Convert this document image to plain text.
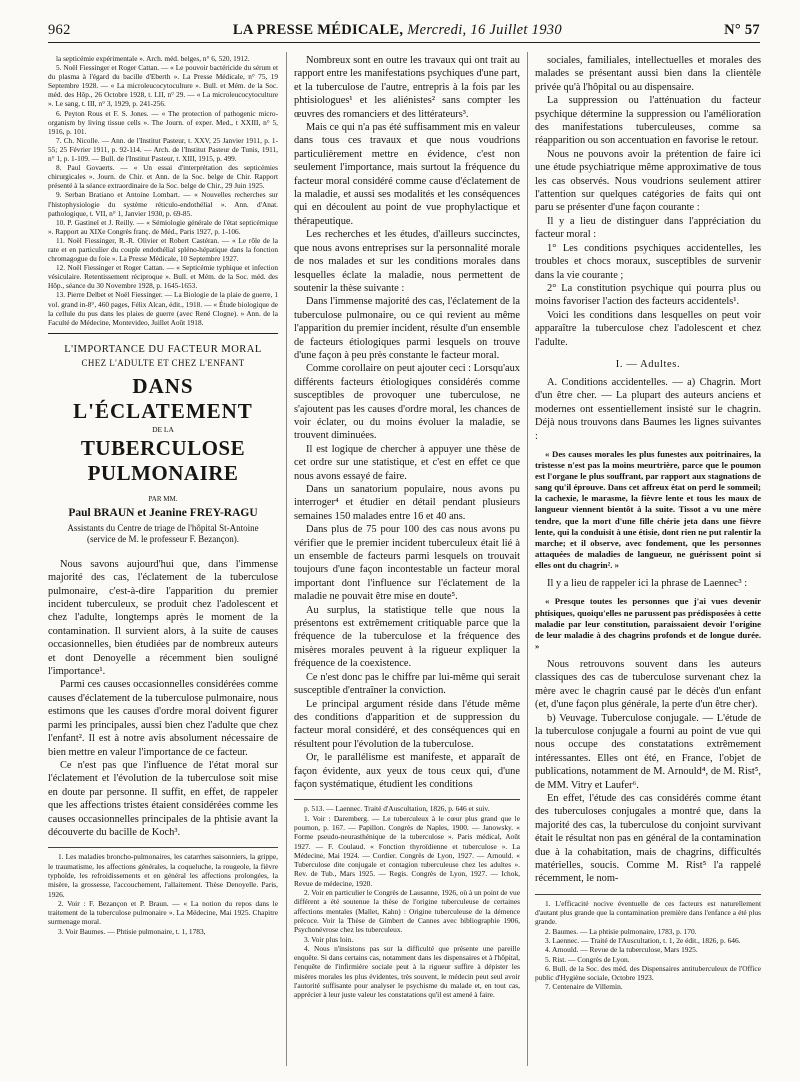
962	LA PRESSE MÉDICALE, Mercredi, 16 Juillet 1930	N° 57

la septicémie expérimentale ». Arch. méd. belges, n° 6, 520, 1912.

5. Noël Fiessinger et Roger Cattan. — « Le pouvoir bactéricide du sérum et du plasma à l'égard du bacille d'Eberth ». La Presse Médicale, n° 75, 19 Septembre 1928. — « La microleucocytoculture ». Bull. et Mém. de la Soc. méd. des Hôp., 26 Octobre 1928, t. LII, n° 29. — « La microleucocytoculture ». Le sang, t. III, n° 3, 1929, p. 241-256.

6. Peyton Rous et F. S. Jones. — « The protection of pathogenic micro-organism by living tissue cells ». The Journ. of exper. Med., t XXIII, n° 5, 1916, p. 101.

7. Ch. Nicolle. — Ann. de l'Institut Pasteur, t. XXV, 25 Janvier 1911, p. 1-55; 25 Février 1911, p. 92-114. — Arch. de l'Institut Pasteur de Tunis, 1911, n° 1, p. 1-109. — Bull. de l'Institut Pasteur, t. XIII, 1915, p. 499.

8. Paul Govaerts. — « Un essai d'interprétation des septicémies chirurgicales ». Journ. de Chir. et Ann. de la Soc. belge de Chir. Rapport présenté à la séance extraordinaire de la Soc. belge de Chir., 29 Juin 1925.

9. Serban Bratiano et Antoine Lombart. — « Nouvelles recherches sur l'histophysiologie du système réticulo-endothélial ». Ann. d'Anat. pathologique, t. VII, n° 1, Janvier 1930, p. 69-85.

10. P. Gastinel et J. Reilly. — « Sémiologie générale de l'état septicémique ». Rapport au XIXe Congrès franç. de Méd., Paris 1927, p. 1-106.

11. Noël Fiessinger, R.-R. Olivier et Robert Castéran. — « Le rôle de la rate et en particulier du couple endothélial spléno-hépatique dans la fonction chromagogue du foie ». La Presse Médicale, 10 Septembre 1927.

12. Noël Fiessinger et Roger Cattan. — « Septicémie typhique et infection vésiculaire. Retentissement réciproque ». Bull. et Mém. de la Soc. méd. des Hôp., séance du 30 Novembre 1928, p. 1645-1653.

13. Pierre Delbet et Noël Fiessinger. — La Biologie de la plaie de guerre, 1 vol. grand in-8°, 460 pages, Félix Alcan, édit., 1918. — « Étude biologique de la cellule du pus dans les plaies de guerre (avec René Clogne). » Ann. de la Faculté de Médecine, Montevideo, Juillet Août 1918.

L'IMPORTANCE DU FACTEUR MORAL
CHEZ L'ADULTE ET CHEZ L'ENFANT
DANS L'ÉCLATEMENT
DE LA
TUBERCULOSE PULMONAIRE
PAR MM.
Paul BRAUN et Jeanine FREY-RAGU
Assistants du Centre de triage de l'hôpital St-Antoine (service de M. le professeur F. Bezançon).

Nous savons aujourd'hui que, dans l'immense majorité des cas, l'éclatement de la tuberculose pulmonaire, c'est-à-dire l'apparition du premier incident tuberculeux, se produit chez l'adolescent et chez l'adulte, longtemps après le moment de la contamination. Il survient alors, à la suite de causes occasionnelles, bien étudiées par de nombreux auteurs et dont Denoyelle a récemment bien souligné l'importance¹.

Parmi ces causes occasionnelles considérées comme causes d'éclatement de la tuberculose pulmonaire, nous estimons que les causes d'ordre moral doivent figurer parmi les principales, aussi bien chez l'adulte que chez l'enfant². Il est à notre avis absolument nécessaire de bien mettre en valeur l'importance de ce facteur.

Ce n'est pas que l'influence de l'état moral sur l'éclatement et l'évolution de la tuberculose soit mise en doute par personne. Il suffit, en effet, de rappeler que les affections tristes étaient considérées comme les causes occasionnelles principales de la phtisie avant la découverte du bacille de Koch³.

1. Les maladies broncho-pulmonaires, les catarrhes saisonniers, la grippe, le traumatisme, les affections générales, la coqueluche, la rougeole, la fièvre typhoïde, les refroidissements et en général les affections prolongées, la misère, la grossesse, l'accouchement, l'allaitement. Thèse Denoyelle. Paris, 1926.

2. Voir : F. Bezançon et P. Braun. — « La notion du repos dans le traitement de la tuberculose pulmonaire ». La Médecine, Mai 1925. Chapitre surmenage moral.

3. Voir Baumes. — Phtisie pulmonaire, t. 1, 1783,

Nombreux sont en outre les travaux qui ont trait au rapport entre les manifestations psychiques d'une part, et la tuberculose de l'autre, entrepris à la fois par les phtisiologues¹ et les aliénistes² sans compter les œuvres des romanciers et des littérateurs³.

Mais ce qui n'a pas été suffisamment mis en valeur dans tous ces travaux et que nous voudrions particulièrement mettre en évidence, c'est non seulement l'importance, mais surtout la fréquence du facteur moral considéré comme cause d'éclatement de la maladie, et aussi ses modalités et les conséquences qui en découlent au point de vue prophylactique et thérapeutique.

Les recherches et les études, d'ailleurs succinctes, que nous avons entreprises sur la personnalité morale de nos malades et sur les conditions morales dans lesquelles éclate la maladie, nous permettent de soutenir la thèse suivante :

Dans l'immense majorité des cas, l'éclatement de la tuberculose pulmonaire, ou ce qui revient au même l'apparition du premier incident, résulte d'un ensemble de facteurs étiologiques parmi lesquels on trouve d'une façon à peu près constante le facteur moral.

Comme corollaire on peut ajouter ceci : Lorsqu'aux différents facteurs étiologiques considérés comme susceptibles de provoquer une tuberculose, ne s'ajoutent pas les causes d'ordre moral, les chances de voir éclater, ou du moins évoluer la maladie, se trouvent diminuées.

Il est logique de chercher à appuyer une thèse de cet ordre sur une statistique, et c'est en effet ce que nous avons essayé de faire.

Dans un sanatorium populaire, nous avons pu interroger⁴ et étudier en détail pendant plusieurs semaines 150 malades entre 16 et 40 ans.

Dans plus de 75 pour 100 des cas nous avons pu vérifier que le premier incident tuberculeux était lié à un ensemble de facteurs parmi lesquels on trouvait toujours d'une façon incontestable un facteur moral important dont l'influence sur l'éclatement de la maladie ne pouvait être mise en doute⁵.

Au surplus, la statistique telle que nous la présentons est extrêmement critiquable parce que la fréquence de la tuberculose et la fréquence des misères morales peuvent à la rigueur expliquer la fréquence de la coexistence.

Ce n'est donc pas le chiffre par lui-même qui serait susceptible d'entraîner la conviction.

Le principal argument réside dans l'étude même des conditions d'apparition et de suppression du facteur moral considéré, et des conséquences qui en résultent pour l'évolution de la tuberculose.

Or, le parallélisme est manifeste, et apparaît de façon évidente, aux yeux de tous ceux qui, d'une façon systématique, étudient les conditions

p. 513. — Laennec. Traité d'Auscultation, 1826, p. 646 et suiv.

1. Voir : Daremberg. — Le tuberculeux à le cœur plus grand que le poumon, p. 167. — Papillon. Congrès de Naples, 1900. — Janowsky. « Forme pseudo-neurasthénique de la tuberculose ». Paris médical, Août 1927. — F. Coulaud. « Fonction thyroïdienne et tuberculose ». La Médecine, Mai 1924. — Cordier. Congrès de Lyon, 1927. — Arnould. « Tuberculose dite conjugale et contagion tuberculeuse chez les adultes ». Rev. de Tub., Mars 1925. — Regis. Congrès de Lyon, 1927. — Ichok, Revue de médecine, 1920.

2. Voir en particulier le Congrès de Lausanne, 1926, où à un point de vue différent a été soutenue la thèse de l'origine tuberculeuse de certaines affections mentales (Mallet, Kahn) : Origine tuberculeuse de la démence précoce. Voir la Thèse de Gimbert de Cannes avec bibliographie 1906, Psychonévrose chez les tuberculeux.

3. Voir plus loin.

4. Nous n'insistons pas sur la difficulté que présente une pareille enquête. Si dans certains cas, notamment dans les dispensaires et à l'hôpital, l'enquête de l'infirmière sociale peut à la rigueur suffire à dépister les misères morales les plus évidentes, très souvent, le médecin peut seul avoir l'autorité suffisante pour analyser le psychisme du malade et, en tout cas, apprécier à leur juste valeur les constatations qu'il est amené à faire.

sociales, familiales, intellectuelles et morales des malades se présentant aussi bien dans la clientèle privée qu'à l'hôpital ou au dispensaire.

La suppression ou l'atténuation du facteur psychique détermine la suppression ou l'amélioration des manifestations tuberculeuses, comme sa réapparition ou son accentuation en favorise le retour.

Nous ne pouvons avoir la prétention de faire ici une étude psychiatrique même approximative de tous les cas observés. Nous voudrions seulement attirer l'attention sur quelques catégories de faits qui ont paru se présenter d'une façon courante :

Il y a lieu de distinguer dans l'appréciation du facteur moral :

1° Les conditions psychiques accidentelles, les troubles et chocs moraux, susceptibles de survenir dans la vie courante ;

2° La constitution psychique qui pourra plus ou moins favoriser l'action des facteurs accidentels¹.

Voici les conditions dans lesquelles on peut voir apparaître la tuberculose chez l'adolescent et chez l'adulte.

I. — Adultes.

A. Conditions accidentelles. — a) Chagrin. Mort d'un être cher. — La plupart des auteurs anciens et modernes ont essentiellement insisté sur le chagrin. Déjà nous trouvons dans Baumes les lignes suivantes :

« Des causes morales les plus funestes aux poitrinaires, la tristesse n'est pas la moins meurtrière, parce que le poumon est l'organe le plus souffrant, par rapport aux stagnations de sang qu'il éprouve. Dans cet affreux état on perd le sommeil; la cachexie, le marasme, la fièvre lente et tous les maux de langueur viennent bientôt à la suite. Tissot a vu une mère tendre, que la mort d'une fille chérie jeta dans une fièvre lente, qui la conduisit à une étisie, dont rien ne put ralentir la marche; et il observe, avec fondement, que les personnes attaquées de maladies de langueur, ne guérissent point si elles ont du chagrin². »

Il y a lieu de rappeler ici la phrase de Laennec³ :

« Presque toutes les personnes que j'ai vues devenir phtisiques, quoiqu'elles ne parussent pas prédisposées à cette maladie par leur constitution, paraissaient devoir l'origine de leur maladie à des chagrins profonds et de longue durée. »

Nous retrouvons souvent dans les auteurs classiques des cas de tuberculose survenant chez la mère avec le chagrin causé par le décès d'un enfant (et, d'une façon plus générale, la perte d'un être cher).

b) Veuvage. Tuberculose conjugale. — L'étude de la tuberculose conjugale a fourni au point de vue qui nous occupe des constatations extrêmement intéressantes. Elles ont été, en France, l'objet de publications, notamment de M. Arnould⁴, de M. Rist⁵, de MM. Vitry et Laufer⁶.

En effet, l'étude des cas considérés comme étant des tuberculoses conjugales a montré que, dans la majorité des cas, la tuberculose du conjoint survivant était le résultat non pas en général de la contamination due à la cohabitation, mais de chagrins, difficultés matérielles, soucis. Comme M. Rist⁵ l'a rappelé récemment, le nom-

1. L'efficacité nocive éventuelle de ces facteurs est naturellement d'autant plus grande que la contamination première dans l'enfance a été plus grande.

2. Baumes. — La phtisie pulmonaire, 1783, p. 170.

3. Laennec. — Traité de l'Auscultation, t. 1, 2e édit., 1826, p. 646.

4. Arnould. — Revue de la tuberculose, Mars 1925.

5. Rist. — Congrès de Lyon.

6. Bull. de la Soc. des méd. des Dispensaires antituberculeux de l'Office public d'Hygiène sociale, Octobre 1923.

7. Centenaire de Villemin.
